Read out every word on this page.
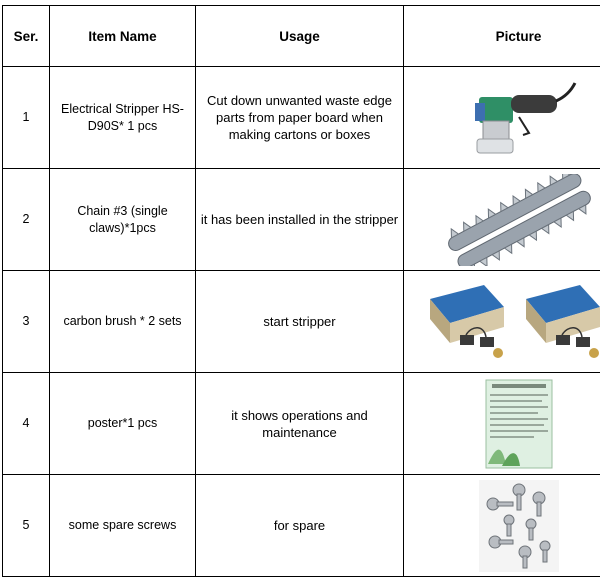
Ser.	Item Name	Usage	Picture
1	Electrical Stripper HS-D90S* 1 pcs	Cut down unwanted waste edge parts from paper board when making cartons or boxes	

2	Chain #3 (single claws)*1pcs	it has been installed in the stripper	

3	carbon brush * 2 sets	start stripper	

4	poster*1 pcs	it shows operations and maintenance	

5	some spare screws	for spare	
